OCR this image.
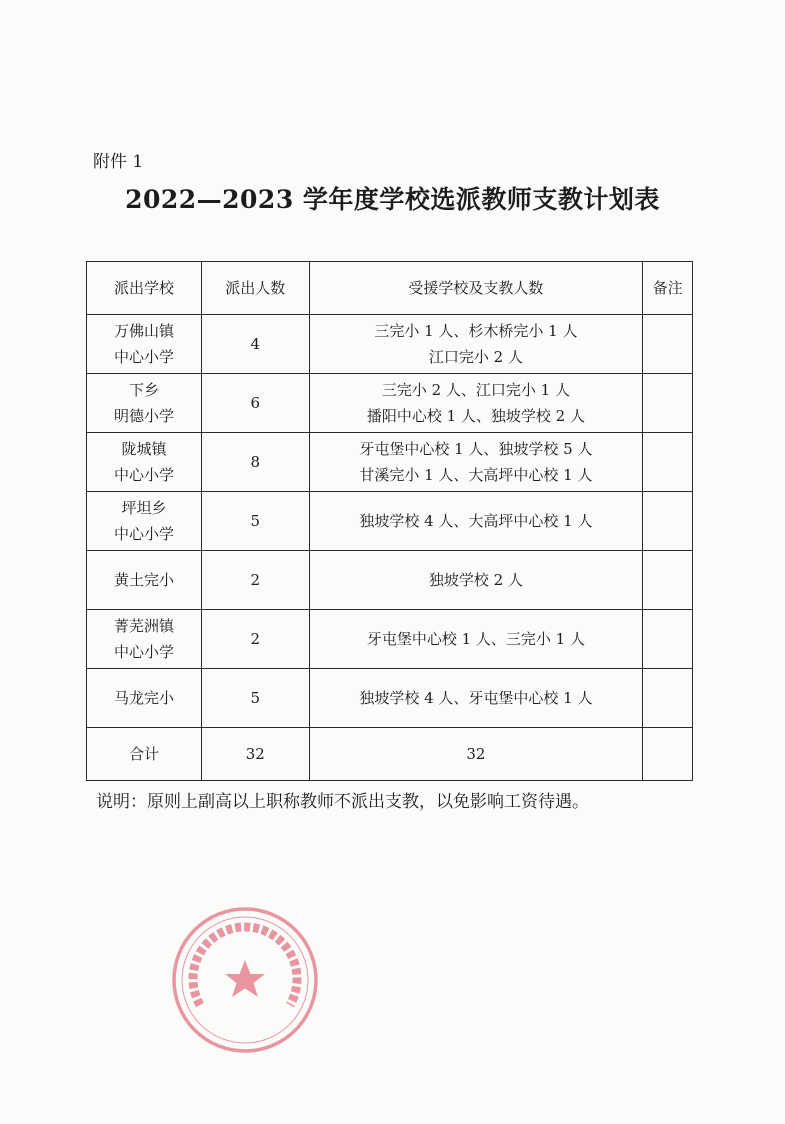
附件 1
2022—2023 学年度学校选派教师支教计划表
派出学校	派出人数	受援学校及支教人数	备注

万佛山镇
中心小学	4	三完小 1 人、杉木桥完小 1 人
江口完小 2 人	

下乡
明德小学	6	三完小 2 人、江口完小 1 人
播阳中心校 1 人、独坡学校 2 人	

陇城镇
中心小学	8	牙屯堡中心校 1 人、独坡学校 5 人
甘溪完小 1 人、大高坪中心校 1 人	

坪坦乡
中心小学	5	独坡学校 4 人、大高坪中心校 1 人	

黄土完小	2	独坡学校 2 人	

菁芜洲镇
中心小学	2	牙屯堡中心校 1 人、三完小 1 人	

马龙完小	5	独坡学校 4 人、牙屯堡中心校 1 人	

合计	32	32	
说明：原则上副高以上职称教师不派出支教，以免影响工资待遇。
